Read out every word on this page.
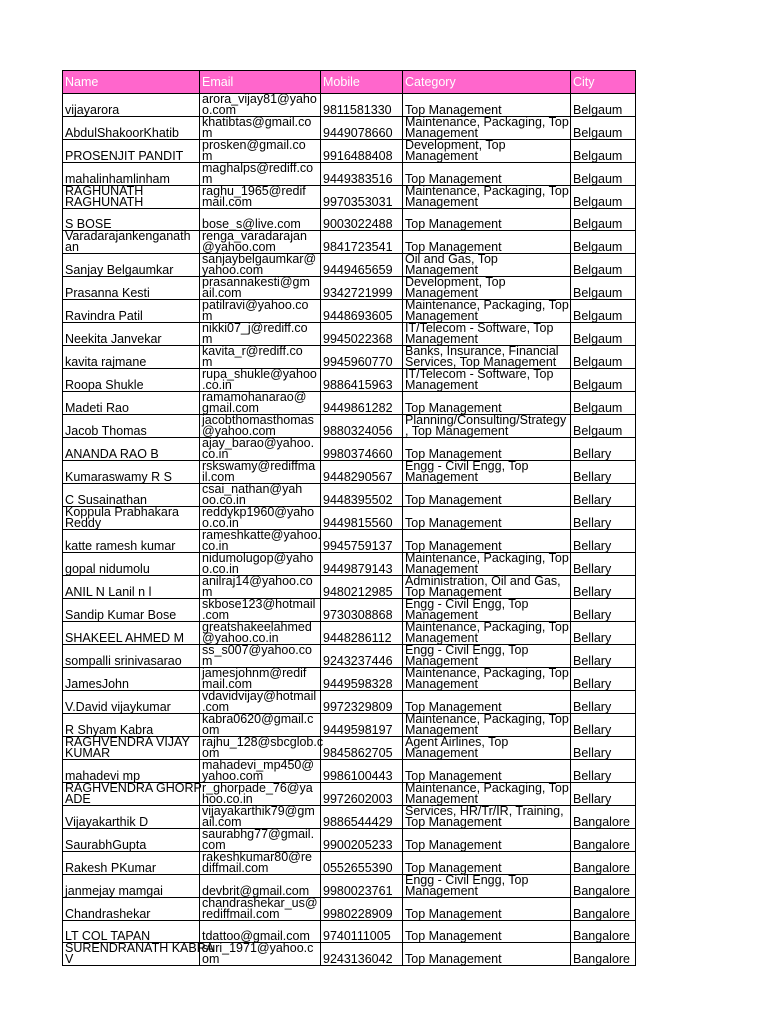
Name	Email	Mobile	Category	City

vijayarora	arora_vijay81@yaho
o.com	9811581330	Top Management	Belgaum

AbdulShakoorKhatib	khatibtas@gmail.co
m	9449078660	Maintenance, Packaging, Top
Management	Belgaum

PROSENJIT PANDIT	prosken@gmail.co
m	9916488408	Development, Top
Management	Belgaum

mahalinhamlinham	maghalps@rediff.co
m	9449383516	Top Management	Belgaum

RAGHUNATH
RAGHUNATH	raghu_1965@redif
mail.com	9970353031	Maintenance, Packaging, Top
Management	Belgaum

S BOSE	bose_s@live.com	9003022488	Top Management	Belgaum

Varadarajankenganath
an	renga_varadarajan
@yahoo.com	9841723541	Top Management	Belgaum

Sanjay Belgaumkar	sanjaybelgaumkar@
yahoo.com	9449465659	Oil and Gas, Top
Management	Belgaum

Prasanna Kesti	prasannakesti@gm
ail.com	9342721999	Development, Top
Management	Belgaum

Ravindra Patil	patilravi@yahoo.co
m	9448693605	Maintenance, Packaging, Top
Management	Belgaum

Neekita Janvekar	nikki07_j@rediff.co
m	9945022368	IT/Telecom - Software, Top
Management	Belgaum

kavita rajmane	kavita_r@rediff.co
m	9945960770	Banks, Insurance, Financial
Services, Top Management	Belgaum

Roopa Shukle	rupa_shukle@yahoo
.co.in	9886415963	IT/Telecom - Software, Top
Management	Belgaum

Madeti Rao	ramamohanarao@
gmail.com	9449861282	Top Management	Belgaum

Jacob Thomas	jacobthomasthomas
@yahoo.com	9880324056	Planning/Consulting/Strategy
, Top Management	Belgaum

ANANDA RAO B	ajay_barao@yahoo.
co.in	9980374660	Top Management	Bellary

Kumaraswamy R S	rskswamy@rediffma
il.com	9448290567	Engg - Civil Engg, Top
Management	Bellary

C Susainathan	csai_nathan@yah
oo.co.in	9448395502	Top Management	Bellary

Koppula Prabhakara
Reddy	reddykp1960@yaho
o.co.in	9449815560	Top Management	Bellary

katte ramesh kumar	rameshkatte@yahoo.
co.in	9945759137	Top Management	Bellary

gopal nidumolu	nidumolugop@yaho
o.co.in	9449879143	Maintenance, Packaging, Top
Management	Bellary

ANIL N Lanil n l	anilraj14@yahoo.co
m	9480212985	Administration, Oil and Gas,
Top Management	Bellary

Sandip Kumar Bose	skbose123@hotmail
.com	9730308868	Engg - Civil Engg, Top
Management	Bellary

SHAKEEL AHMED M	greatshakeelahmed
@yahoo.co.in	9448286112	Maintenance, Packaging, Top
Management	Bellary

sompalli srinivasarao	ss_s007@yahoo.co
m	9243237446	Engg - Civil Engg, Top
Management	Bellary

JamesJohn	jamesjohnm@redif
mail.com	9449598328	Maintenance, Packaging, Top
Management	Bellary

V.David vijaykumar	vdavidvijay@hotmail
.com	9972329809	Top Management	Bellary

R Shyam Kabra	kabra0620@gmail.c
om	9449598197	Maintenance, Packaging, Top
Management	Bellary

RAGHVENDRA VIJAY
KUMAR	rajhu_128@sbcglob.c
om	9845862705	Agent Airlines, Top
Management	Bellary

mahadevi mp	mahadevi_mp450@
yahoo.com	9986100443	Top Management	Bellary

RAGHVENDRA GHORP
ADE	r_ghorpade_76@ya
hoo.co.in	9972602003	Maintenance, Packaging, Top
Management	Bellary

Vijayakarthik D	vijayakarthik79@gm
ail.com	9886544429	Services, HR/Tr/IR, Training,
Top Management	Bangalore

SaurabhGupta	saurabhg77@gmail.
com	9900205233	Top Management	Bangalore

Rakesh PKumar	rakeshkumar80@re
diffmail.com	0552655390	Top Management	Bangalore

janmejay mamgai	devbrit@gmail.com	9980023761	Engg - Civil Engg, Top
Management	Bangalore

Chandrashekar	chandrashekar_us@
rediffmail.com	9980228909	Top Management	Bangalore

LT COL TAPAN	tdattoo@gmail.com	9740111005	Top Management	Bangalore

SURENDRANATH KABRA
V	suri_1971@yahoo.c
om	9243136042	Top Management	Bangalore
